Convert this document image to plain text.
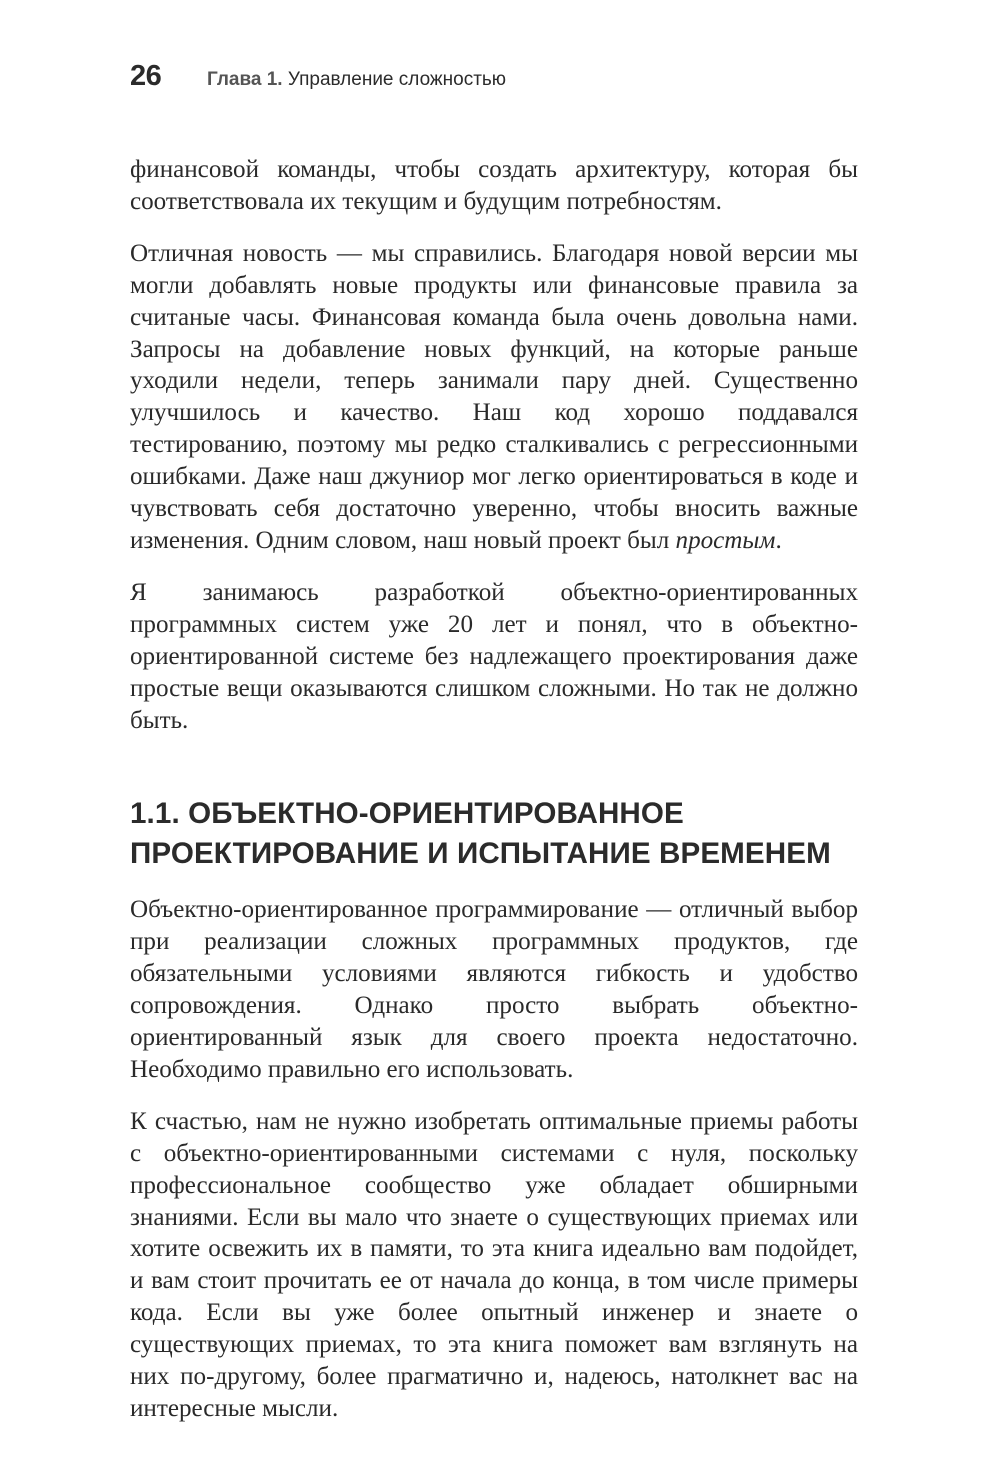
26	Глава 1. Управление сложностью

финансовой команды, чтобы создать архитектуру, которая бы соответствовала их текущим и будущим потребностям.

Отличная новость — мы справились. Благодаря новой версии мы могли добавлять новые продукты или финансовые правила за считаные часы. Финансовая команда была очень довольна нами. Запросы на добавление новых функций, на которые раньше уходили недели, теперь занимали пару дней. Существенно улучшилось и качество. Наш код хорошо поддавался тестированию, поэтому мы редко сталкивались с регрессионными ошибками. Даже наш джуниор мог легко ориентироваться в коде и чувствовать себя достаточно уверенно, чтобы вносить важные изменения. Одним словом, наш новый проект был простым.

Я занимаюсь разработкой объектно-ориентированных программных систем уже 20 лет и понял, что в объектно-ориентированной системе без надлежащего проектирования даже простые вещи оказываются слишком сложными. Но так не должно быть.

1.1. ОБЪЕКТНО-ОРИЕНТИРОВАННОЕ
ПРОЕКТИРОВАНИЕ И ИСПЫТАНИЕ ВРЕМЕНЕМ

Объектно-ориентированное программирование — отличный выбор при реализации сложных программных продуктов, где обязательными условиями являются гибкость и удобство сопровождения. Однако просто выбрать объектно-ориентированный язык для своего проекта недостаточно. Необходимо правильно его использовать.

К счастью, нам не нужно изобретать оптимальные приемы работы с объектно-ориентированными системами с нуля, поскольку профессиональное сообщество уже обладает обширными знаниями. Если вы мало что знаете о существующих приемах или хотите освежить их в памяти, то эта книга идеально вам подойдет, и вам стоит прочитать ее от начала до конца, в том числе примеры кода. Если вы уже более опытный инженер и знаете о существующих приемах, то эта книга поможет вам взглянуть на них по-другому, более прагматично и, надеюсь, натолкнет вас на интересные мысли.
